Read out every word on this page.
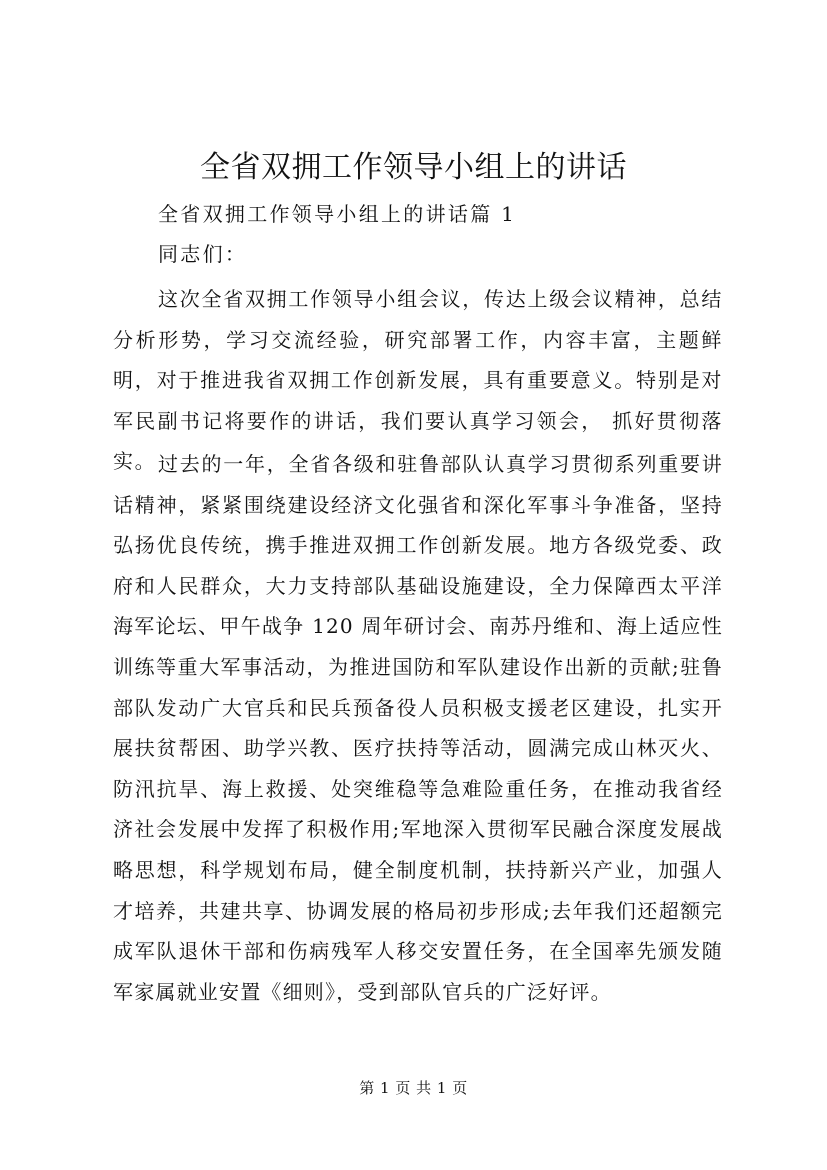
全省双拥工作领导小组上的讲话
全省双拥工作领导小组上的讲话篇 1
同志们：

这次全省双拥工作领导小组会议，传达上级会议精神，总结分析形势，学习交流经验，研究部署工作，内容丰富，主题鲜明，对于推进我省双拥工作创新发展，具有重要意义。特别是对军民副书记将要作的讲话，我们要认真学习领会， 抓好贯彻落实。 过去的一年，全省各级和驻鲁部队认真学习贯彻系列重要讲话精神，紧紧围绕建设经济文化强省和深化军事斗争准备，坚持弘扬优良传统，携手推进双拥工作创新发展。地方各级党委、政府和人民群众，大力支持部队基础设施建设，全力保障西太平洋海军论坛、甲午战争 120 周年研讨会、南苏丹维和、海上适应性训练等重大军事活动，为推进国防和军队建设作出新的贡献;驻鲁部队发动广大官兵和民兵预备役人员积极支援老区建设，扎实开展扶贫帮困、助学兴教、医疗扶持等活动，圆满完成山林灭火、防汛抗旱、海上救援、处突维稳等急难险重任务，在推动我省经济社会发展中发挥了积极作用;军地深入贯彻军民融合深度发展战略思想，科学规划布局，健全制度机制，扶持新兴产业，加强人才培养，共建共享、协调发展的格局初步形成;去年我们还超额完成军队退休干部和伤病残军人移交安置任务，在全国率先颁发随军家属就业安置《细则》，受到部队官兵的广泛好评。

第 1 页 共 1 页
